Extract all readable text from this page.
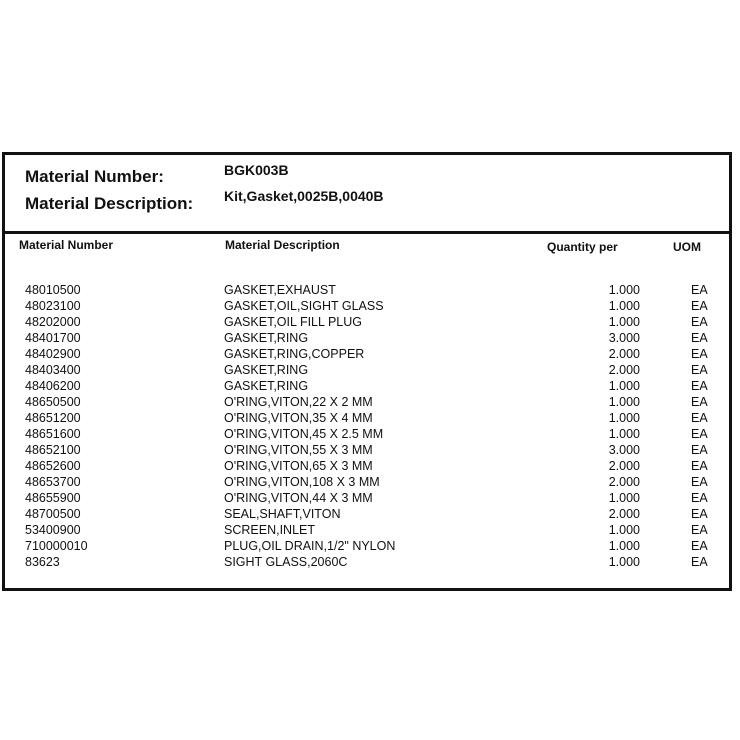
Material Number:	BGK003B
Material Description: Kit,Gasket,0025B,0040B
Material Number	Material Description	Quantity per	UOM
48010500	GASKET,EXHAUST	1.000	EA
48023100	GASKET,OIL,SIGHT GLASS	1.000	EA
48202000	GASKET,OIL FILL PLUG	1.000	EA
48401700	GASKET,RING	3.000	EA
48402900	GASKET,RING,COPPER	2.000	EA
48403400	GASKET,RING	2.000	EA
48406200	GASKET,RING	1.000	EA
48650500	O'RING,VITON,22 X 2 MM	1.000	EA
48651200	O'RING,VITON,35 X 4 MM	1.000	EA
48651600	O'RING,VITON,45 X 2.5 MM	1.000	EA
48652100	O'RING,VITON,55 X 3 MM	3.000	EA
48652600	O'RING,VITON,65 X 3 MM	2.000	EA
48653700	O'RING,VITON,108 X 3 MM	2.000	EA
48655900	O'RING,VITON,44 X 3 MM	1.000	EA
48700500	SEAL,SHAFT,VITON	2.000	EA
53400900	SCREEN,INLET	1.000	EA
710000010	PLUG,OIL DRAIN,1/2" NYLON	1.000	EA
83623	SIGHT GLASS,2060C	1.000	EA
